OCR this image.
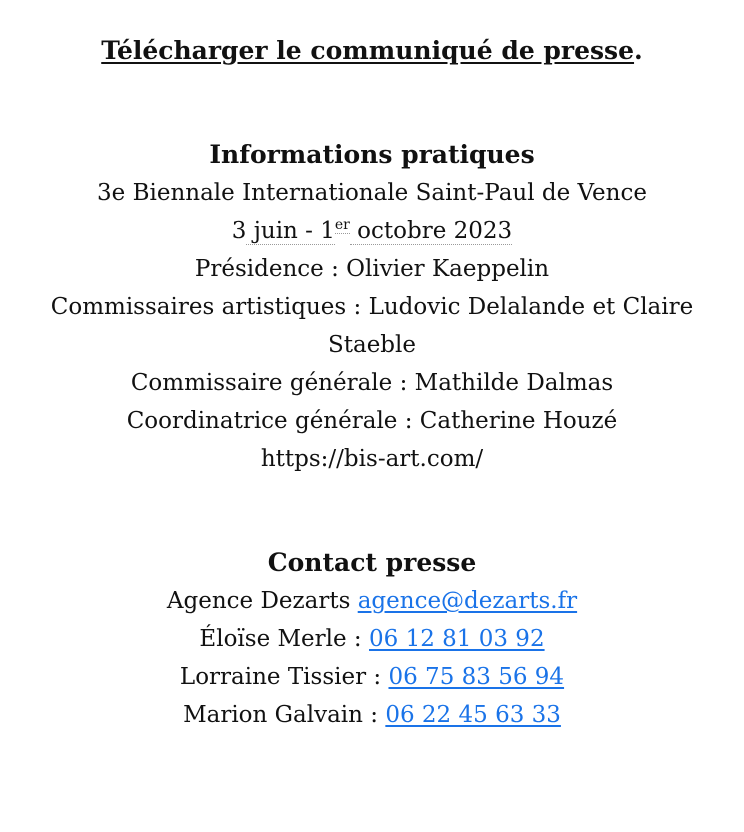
Télécharger le communiqué de presse.

Informations pratiques

3e Biennale Internationale Saint-Paul de Vence

3 juin - 1er octobre 2023

Présidence : Olivier Kaeppelin

Commissaires artistiques : Ludovic Delalande et Claire Staeble

Commissaire générale : Mathilde Dalmas

Coordinatrice générale : Catherine Houzé

https://bis-art.com/

Contact presse

Agence Dezarts agence@dezarts.fr

Éloïse Merle : 06 12 81 03 92

Lorraine Tissier : 06 75 83 56 94

Marion Galvain : 06 22 45 63 33
